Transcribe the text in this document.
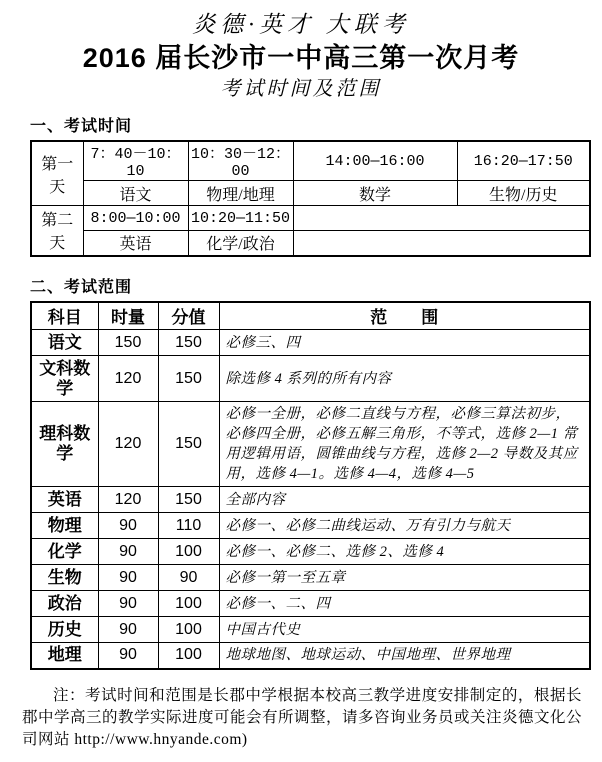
炎德·英才 大联考
2016 届长沙市一中高三第一次月考
考试时间及范围
一、考试时间
第一天	7：40－10：10	10：30－12：00	14:00—16:00	16:20—17:50
	语文	物理/地理	数学	生物/历史
第二天	8:00—10:00	10:20—11:50		
	英语	化学/政治		
二、考试范围
科目	时量	分值	范　　围
语文	150	150	必修三、四
文科数学	120	150	除选修 4 系列的所有内容
理科数学	120	150	必修一全册，必修二直线与方程，必修三算法初步，必修四全册，必修五解三角形，不等式，选修 2—1 常用逻辑用语，圆锥曲线与方程，选修 2—2 导数及其应用，选修 4—1。选修 4—4，选修 4—5
英语	120	150	全部内容
物理	90	110	必修一、必修二曲线运动、万有引力与航天
化学	90	100	必修一、必修二、选修 2、选修 4
生物	90	90	必修一第一至五章
政治	90	100	必修一、二、四
历史	90	100	中国古代史
地理	90	100	地球地图、地球运动、中国地理、世界地理

注：考试时间和范围是长郡中学根据本校高三教学进度安排制定的，根据长郡中学高三的教学实际进度可能会有所调整，请多咨询业务员或关注炎德文化公司网站 http://www.hnyande.com)
